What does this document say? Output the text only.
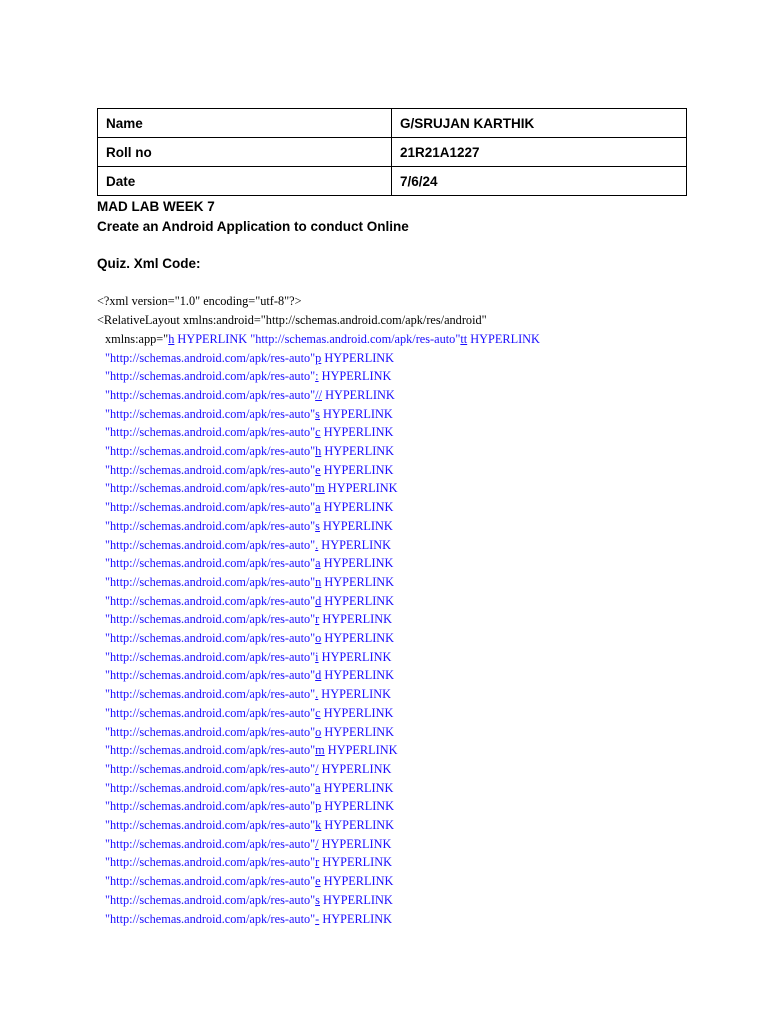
Name	G/SRUJAN KARTHIK
Roll no	21R21A1227
Date	7/6/24
MAD LAB WEEK 7
Create an Android Application to conduct Online
Quiz. Xml Code:
<?xml version="1.0" encoding="utf-8"?>
<RelativeLayout xmlns:android="http://schemas.android.com/apk/res/android"
xmlns:app="h HYPERLINK "http://schemas.android.com/apk/res-auto"tt HYPERLINK
"http://schemas.android.com/apk/res-auto"p HYPERLINK
"http://schemas.android.com/apk/res-auto": HYPERLINK
"http://schemas.android.com/apk/res-auto"// HYPERLINK
"http://schemas.android.com/apk/res-auto"s HYPERLINK
"http://schemas.android.com/apk/res-auto"c HYPERLINK
"http://schemas.android.com/apk/res-auto"h HYPERLINK
"http://schemas.android.com/apk/res-auto"e HYPERLINK
"http://schemas.android.com/apk/res-auto"m HYPERLINK
"http://schemas.android.com/apk/res-auto"a HYPERLINK
"http://schemas.android.com/apk/res-auto"s HYPERLINK
"http://schemas.android.com/apk/res-auto". HYPERLINK
"http://schemas.android.com/apk/res-auto"a HYPERLINK
"http://schemas.android.com/apk/res-auto"n HYPERLINK
"http://schemas.android.com/apk/res-auto"d HYPERLINK
"http://schemas.android.com/apk/res-auto"r HYPERLINK
"http://schemas.android.com/apk/res-auto"o HYPERLINK
"http://schemas.android.com/apk/res-auto"i HYPERLINK
"http://schemas.android.com/apk/res-auto"d HYPERLINK
"http://schemas.android.com/apk/res-auto". HYPERLINK
"http://schemas.android.com/apk/res-auto"c HYPERLINK
"http://schemas.android.com/apk/res-auto"o HYPERLINK
"http://schemas.android.com/apk/res-auto"m HYPERLINK
"http://schemas.android.com/apk/res-auto"/ HYPERLINK
"http://schemas.android.com/apk/res-auto"a HYPERLINK
"http://schemas.android.com/apk/res-auto"p HYPERLINK
"http://schemas.android.com/apk/res-auto"k HYPERLINK
"http://schemas.android.com/apk/res-auto"/ HYPERLINK
"http://schemas.android.com/apk/res-auto"r HYPERLINK
"http://schemas.android.com/apk/res-auto"e HYPERLINK
"http://schemas.android.com/apk/res-auto"s HYPERLINK
"http://schemas.android.com/apk/res-auto"- HYPERLINK
